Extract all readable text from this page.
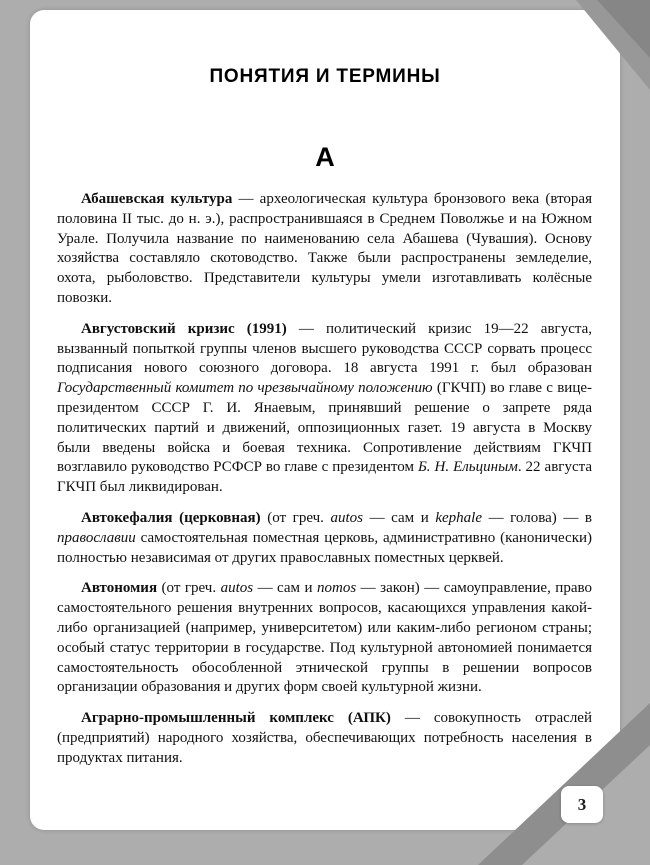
ПОНЯТИЯ И ТЕРМИНЫ
А

Абашевская культура — археологическая культура бронзового века (вторая половина II тыс. до н. э.), распространившаяся в Среднем Поволжье и на Южном Урале. Получила название по наименованию села Абашева (Чувашия). Основу хозяйства составляло скотоводство. Также были распространены земледелие, охота, рыболовство. Представители культуры умели изготавливать колёсные повозки.

Августовский кризис (1991) — политический кризис 19—22 августа, вызванный попыткой группы членов высшего руководства СССР сорвать процесс подписания нового союзного договора. 18 августа 1991 г. был образован Государственный комитет по чрезвычайному положению (ГКЧП) во главе с вице-президентом СССР Г. И. Янаевым, принявший решение о запрете ряда политических партий и движений, оппозиционных газет. 19 августа в Москву были введены войска и боевая техника. Сопротивление действиям ГКЧП возглавило руководство РСФСР во главе с президентом Б. Н. Ельциным. 22 августа ГКЧП был ликвидирован.

Автокефалия (церковная) (от греч. autos — сам и kephale — голова) — в православии самостоятельная поместная церковь, административно (канонически) полностью независимая от других православных поместных церквей.

Автономия (от греч. autos — сам и nomos — закон) — самоуправление, право самостоятельного решения внутренних вопросов, касающихся управления какой-либо организацией (например, университетом) или каким-либо регионом страны; особый статус территории в государстве. Под культурной автономией понимается самостоятельность обособленной этнической группы в решении вопросов организации образования и других форм своей культурной жизни.

Аграрно-промышленный комплекс (АПК) — совокупность отраслей (предприятий) народного хозяйства, обеспечивающих потребность населения в продуктах питания.

3
